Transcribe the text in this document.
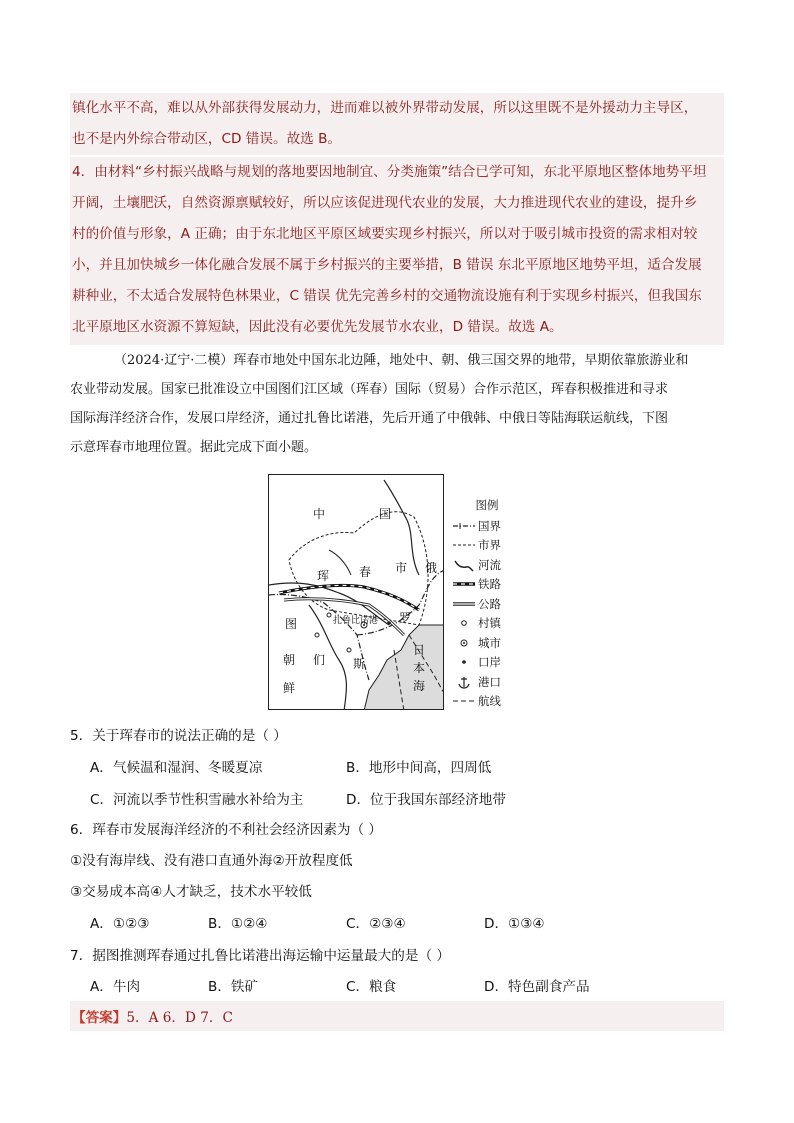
镇化水平不高，难以从外部获得发展动力，进而难以被外界带动发展，所以这里既不是外援动力主导区，

也不是内外综合带动区，CD 错误。故选 B。

4．由材料“乡村振兴战略与规划的落地要因地制宜、分类施策”结合已学可知，东北平原地区整体地势平坦

开阔，土壤肥沃，自然资源禀赋较好，所以应该促进现代农业的发展，大力推进现代农业的建设，提升乡

村的价值与形象，A 正确；由于东北地区平原区域要实现乡村振兴，所以对于吸引城市投资的需求相对较

小，并且加快城乡一体化融合发展不属于乡村振兴的主要举措，B 错误 东北平原地区地势平坦，适合发展

耕种业，不太适合发展特色林果业，C 错误 优先完善乡村的交通物流设施有利于实现乡村振兴，但我国东

北平原地区水资源不算短缺，因此没有必要优先发展节水农业，D 错误。故选 A。

（2024·辽宁·二模）珲春市地处中国东北边陲，地处中、朝、俄三国交界的地带，早期依靠旅游业和
农业带动发展。国家已批准设立中国图们江区域（珲春）国际（贸易）合作示范区，珲春积极推进和寻求
国际海洋经济合作，发展口岸经济，通过扎鲁比诺港，先后开通了中俄韩、中俄日等陆海联运航线，下图
示意珲春市地理位置。据此完成下面小题。
中	国
珲 春 市 俄
罗
图
们 斯
朝
鲜
扎鲁比诺港
日
本
海
图例
国界
市界
河流
铁路
公路
村镇
城市
口岸
港口
航线
5．关于珲春市的说法正确的是（ ）
A．气候温和湿润、冬暖夏凉	B．地形中间高，四周低
C．河流以季节性积雪融水补给为主	D．位于我国东部经济地带
6．珲春市发展海洋经济的不利社会经济因素为（ ）
①没有海岸线、没有港口直通外海②开放程度低
③交易成本高④人才缺乏，技术水平较低
A．①②③	B．①②④	C．②③④	D．①③④
7．据图推测珲春通过扎鲁比诺港出海运输中运量最大的是（ ）
A．牛肉	B．铁矿	C．粮食	D．特色副食产品
【答案】 5．A 6．D 7．C
